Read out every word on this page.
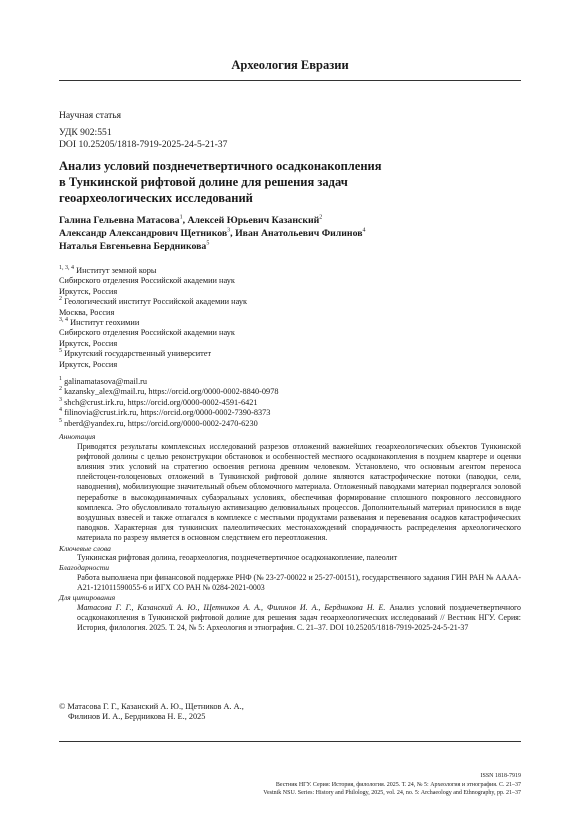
Археология Евразии
Научная статья
УДК 902:551
DOI 10.25205/1818-7919-2025-24-5-21-37
Анализ условий позднечетвертичного осадконакопления
в Тункинской рифтовой долине для решения задач
геоархеологических исследований
Галина Гельевна Матасова$^1$, Алексей Юрьевич Казанский$^2$
Александр Александрович Щетников$^3$, Иван Анатольевич Филинов$^4$
Наталья Евгеньевна Бердникова$^5$
$^{1, 3, 4}$ Институт земной коры
Сибирского отделения Российской академии наук
Иркутск, Россия
$^2$ Геологический институт Российской академии наук
Москва, Россия
$^{3, 4}$ Институт геохимии
Сибирского отделения Российской академии наук
Иркутск, Россия
$^5$ Иркутский государственный университет
Иркутск, Россия
$^1$ galinamatasova@mail.ru
$^2$ kazansky_alex@mail.ru, https://orcid.org/0000-0002-8840-0978
$^3$ shch@crust.irk.ru, https://orcid.org/0000-0002-4591-6421
$^4$ filinovia@crust.irk.ru, https://orcid.org/0000-0002-7390-8373
$^5$ nberd@yandex.ru, https://orcid.org/0000-0002-2470-6230
Аннотация
Приводятся результаты комплексных исследований разрезов отложений важнейших геоархеологических объектов Тункинской рифтовой долины с целью реконструкции обстановок и особенностей местного осадконакопления в позднем квартере и оценки влияния этих условий на стратегию освоения региона древним человеком. Установлено, что основным агентом переноса плейстоцен-голоценовых отложений в Тункинской рифтовой долине являются катастрофические потоки (паводки, сели, наводнения), мобилизующие значительный объем обломочного материала. Отложенный паводками материал подвергался эоловой переработке в высокодинамичных субаэральных условиях, обеспечивая формирование сплошного покровного лессовидного комплекса. Это обусловливало тотальную активизацию делювиальных процессов. Дополнительный материал приносился в виде воздушных взвесей и также отлагался в комплексе с местными продуктами развевания и перевевания осадков катастрофических паводков. Характерная для тункинских палеолитических местонахождений спорадичность распределения археологического материала по разрезу является в основном следствием его переотложения.
Ключевые слова
Тункинская рифтовая долина, геоархеология, позднечетвертичное осадконакопление, палеолит
Благодарности
Работа выполнена при финансовой поддержке РНФ (№ 23-27-00022 и 25-27-00151), государственного задания ГИН РАН № АААА-А21-121011590055-6 и ИГХ СО РАН № 0284-2021-0003
Для цитирования
Матасова Г. Г., Казанский А. Ю., Щетников А. А., Филинов И. А., Бердникова Н. Е. Анализ условий позднечетвертичного осадконакопления в Тункинской рифтовой долине для решения задач геоархеологических исследований // Вестник НГУ. Серия: История, филология. 2025. Т. 24, № 5: Археология и этнография. С. 21–37. DOI 10.25205/1818-7919-2025-24-5-21-37
© Матасова Г. Г., Казанский А. Ю., Щетников А. А.,
Филинов И. А., Бердникова Н. Е., 2025
ISSN 1818-7919
Вестник НГУ. Серия: История, филология. 2025. Т. 24, № 5: Археология и этнография. С. 21–37
Vestnik NSU. Series: History and Philology, 2025, vol. 24, no. 5: Archaeology and Ethnography, pp. 21–37
